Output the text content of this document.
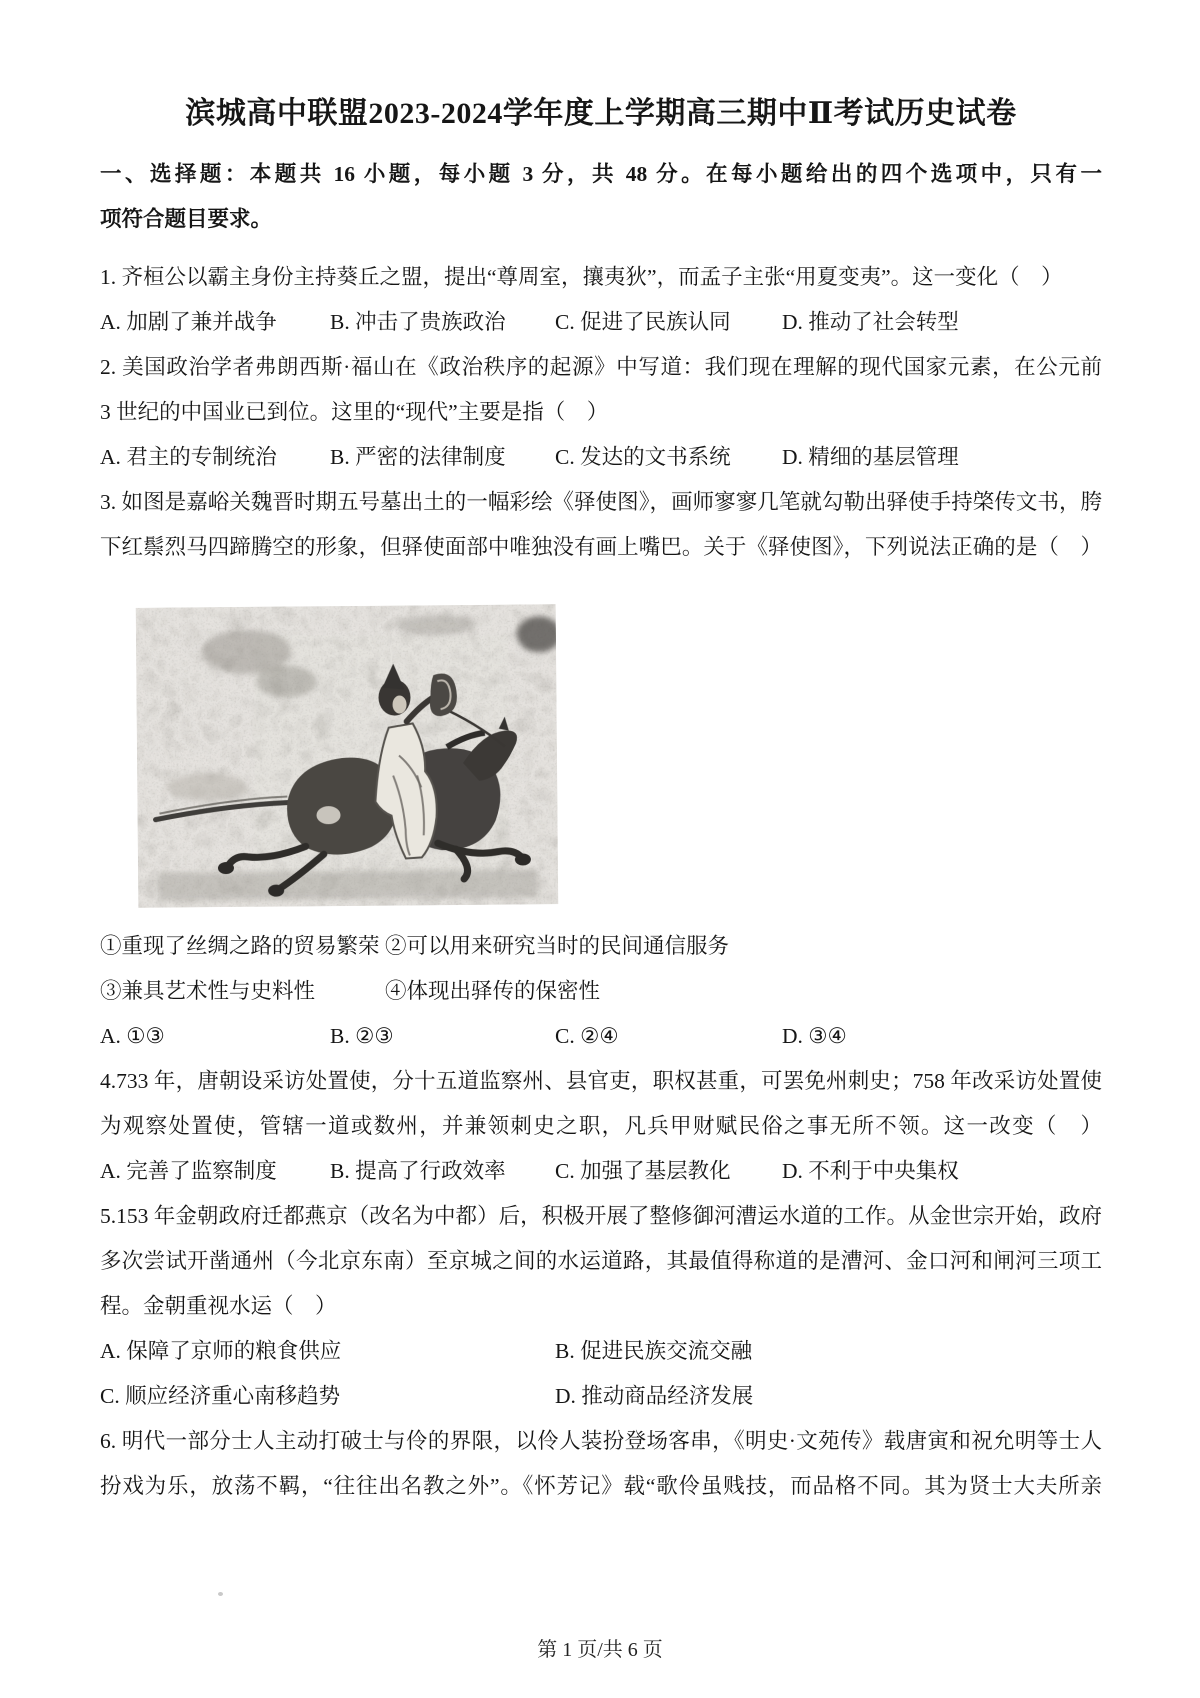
滨城高中联盟2023-2024学年度上学期高三期中Ⅱ考试历史试卷
一、选择题：本题共 16 小题，每小题 3 分，共 48 分。在每小题给出的四个选项中，只有一
项符合题目要求。
1. 齐桓公以霸主身份主持葵丘之盟，提出“尊周室，攘夷狄”，而孟子主张“用夏变夷”。这一变化（　）
A. 加剧了兼并战争	B. 冲击了贵族政治	C. 促进了民族认同	D. 推动了社会转型
2. 美国政治学者弗朗西斯·福山在《政治秩序的起源》中写道：我们现在理解的现代国家元素，在公元前
3 世纪的中国业已到位。这里的“现代”主要是指（　）
A. 君主的专制统治	B. 严密的法律制度	C. 发达的文书系统	D. 精细的基层管理
3. 如图是嘉峪关魏晋时期五号墓出土的一幅彩绘《驿使图》，画师寥寥几笔就勾勒出驿使手持棨传文书，胯
下红鬃烈马四蹄腾空的形象，但驿使面部中唯独没有画上嘴巴。关于《驿使图》，下列说法正确的是（　）
①重现了丝绸之路的贸易繁荣 ②可以用来研究当时的民间通信服务
③兼具艺术性与史料性	④体现出驿传的保密性
A. ①③	B. ②③	C. ②④	D. ③④
4.733 年，唐朝设采访处置使，分十五道监察州、县官吏，职权甚重，可罢免州刺史；758 年改采访处置使
为观察处置使，管辖一道或数州，并兼领刺史之职，凡兵甲财赋民俗之事无所不领。这一改变（　）
A. 完善了监察制度	B. 提高了行政效率	C. 加强了基层教化	D. 不利于中央集权
5.153 年金朝政府迁都燕京（改名为中都）后，积极开展了整修御河漕运水道的工作。从金世宗开始，政府
多次尝试开凿通州（今北京东南）至京城之间的水运道路，其最值得称道的是漕河、金口河和闸河三项工
程。金朝重视水运（　）
A. 保障了京师的粮食供应	B. 促进民族交流交融
C. 顺应经济重心南移趋势	D. 推动商品经济发展
6. 明代一部分士人主动打破士与伶的界限，以伶人装扮登场客串，《明史·文苑传》载唐寅和祝允明等士人
扮戏为乐，放荡不羁，“往往出名教之外”。《怀芳记》载“歌伶虽贱技，而品格不同。其为贤士大夫所亲
第 1 页/共 6 页
